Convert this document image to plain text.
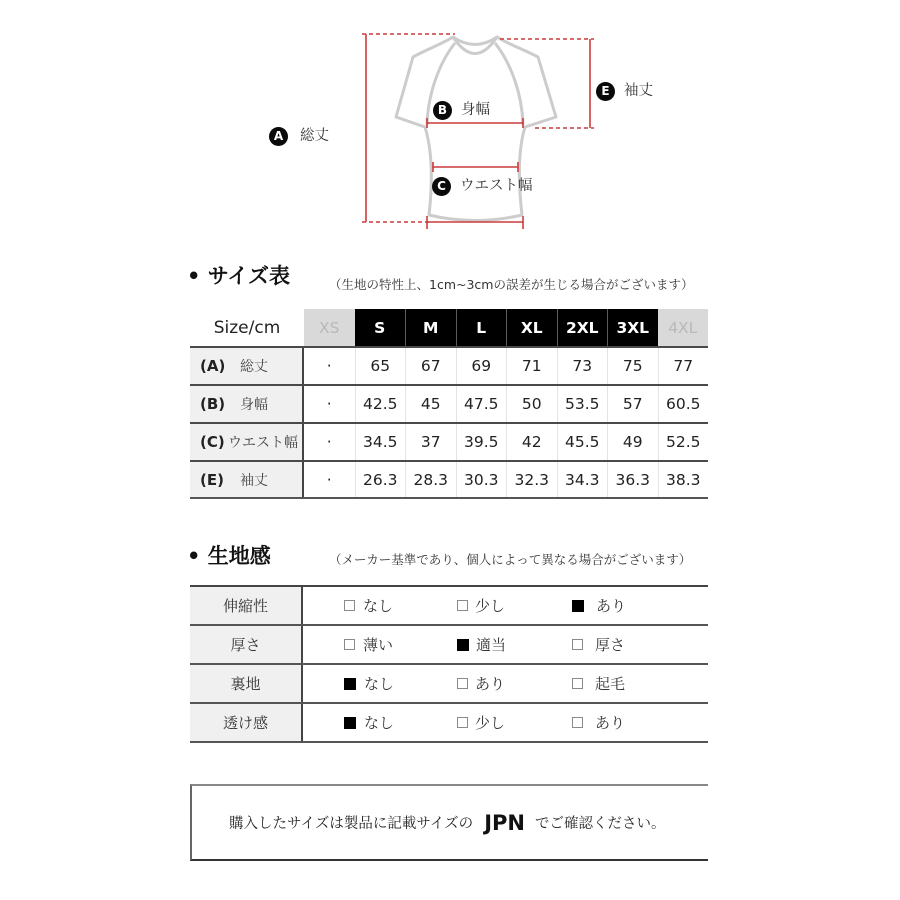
A	総丈
B 身幅
C ウエスト幅
E 袖丈
• サイズ表	（生地の特性上、1cm~3cmの誤差が生じる場合がございます）
Size/cm	XS	S	M	L	XL	2XL	3XL	4XL
(A) 総丈	·	65	67	69	71	73	75	77
(B) 身幅	·	42.5	45	47.5	50	53.5	57	60.5
(C) ウエスト幅	·	34.5	37	39.5	42	45.5	49	52.5
(E) 袖丈	·	26.3	28.3	30.3	32.3	34.3	36.3	38.3
• 生地感	（メーカー基準であり、個人によって異なる場合がございます）
伸縮性	なし	少し	あり
厚さ	薄い	適当	厚さ
裏地	なし	あり	起毛
透け感	なし	少し	あり
購入したサイズは製品に記載サイズの JPN でご確認ください。
